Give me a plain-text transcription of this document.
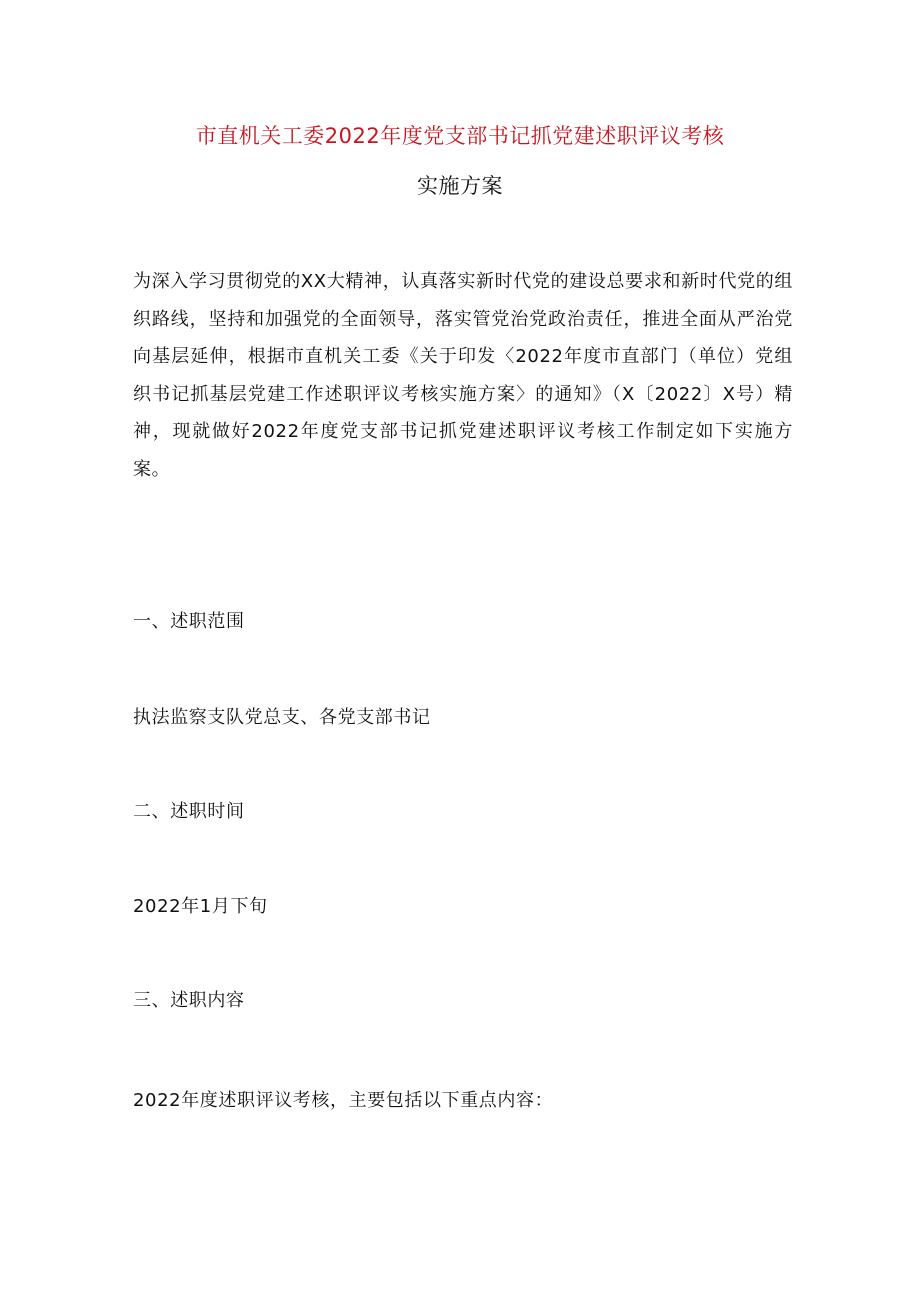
市直机关工委2022年度党支部书记抓党建述职评议考核
实施方案
为深入学习贯彻党的XX大精神，认真落实新时代党的建设总要求和新时代党的组织路线，坚持和加强党的全面领导，落实管党治党政治责任，推进全面从严治党向基层延伸，根据市直机关工委《关于印发〈2022年度市直部门（单位）党组织书记抓基层党建工作述职评议考核实施方案〉的通知》（X〔2022〕X号）精神，现就做好2022年度党支部书记抓党建述职评议考核工作制定如下实施方案。
一、述职范围
执法监察支队党总支、各党支部书记
二、述职时间
2022年1月下旬
三、述职内容
2022年度述职评议考核，主要包括以下重点内容：
